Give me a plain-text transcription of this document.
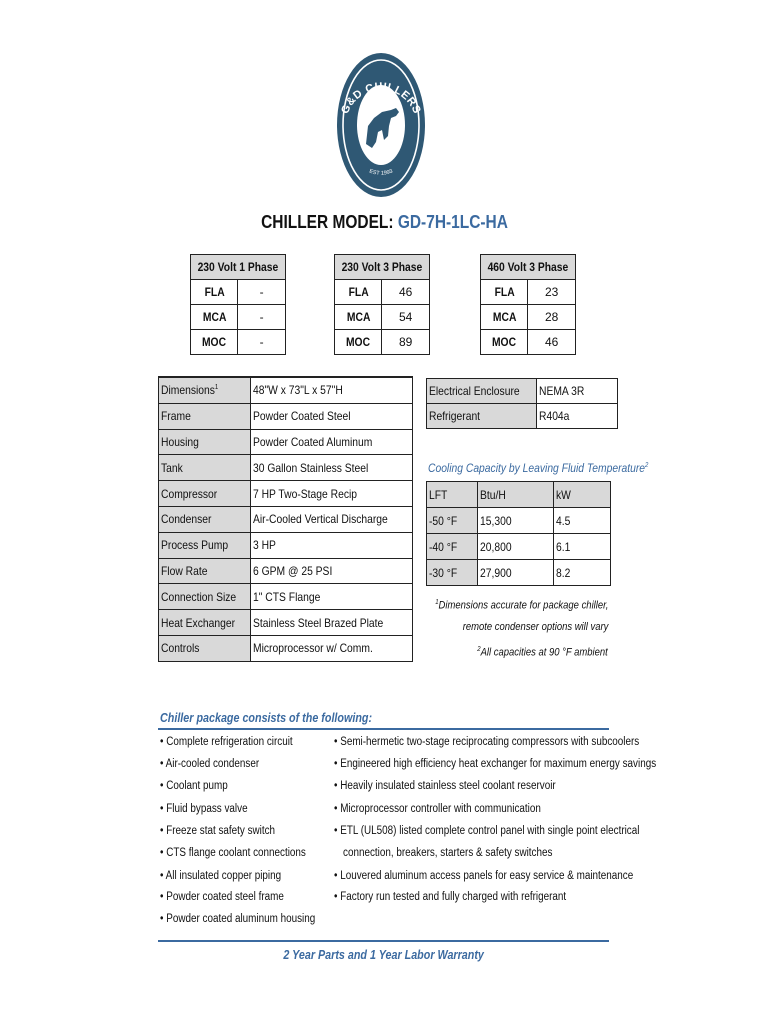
G&D CHILLERS
EST 1993
CHILLER MODEL: GD-7H-1LC-HA
230 Volt 1 Phase	
FLA	-
MCA	-
MOC	-
230 Volt 3 Phase	
FLA	46
MCA	54
MOC	89
460 Volt 3 Phase	
FLA	23
MCA	28
MOC	46
Dimensions$^1$	48"W x 73"L x 57"H
Frame	Powder Coated Steel
Housing	Powder Coated Aluminum
Tank	30 Gallon Stainless Steel
Compressor	7 HP Two-Stage Recip
Condenser	Air-Cooled Vertical Discharge
Process Pump	3 HP
Flow Rate	6 GPM @ 25 PSI
Connection Size	1" CTS Flange
Heat Exchanger	Stainless Steel Brazed Plate
Controls	Microprocessor w/ Comm.
Electrical Enclosure	NEMA 3R
Refrigerant	R404a
Cooling Capacity by Leaving Fluid Temperature$^2$
LFT	Btu/H	kW
-50 °F	15,300	4.5
-40 °F	20,800	6.1
-30 °F	27,900	8.2
$^1$Dimensions accurate for package chiller,
remote condenser options will vary
$^2$All capacities at 90 °F ambient
Chiller package consists of the following:
• Complete refrigeration circuit
• Air-cooled condenser
• Coolant pump
• Fluid bypass valve
• Freeze stat safety switch
• CTS flange coolant connections
• All insulated copper piping
• Powder coated steel frame
• Powder coated aluminum housing
• Semi-hermetic two-stage reciprocating compressors with subcoolers
• Engineered high efficiency heat exchanger for maximum energy savings
• Heavily insulated stainless steel coolant reservoir
• Microprocessor controller with communication
• ETL (UL508) listed complete control panel with single point electrical
connection, breakers, starters & safety switches
• Louvered aluminum access panels for easy service & maintenance
• Factory run tested and fully charged with refrigerant
2 Year Parts and 1 Year Labor Warranty
